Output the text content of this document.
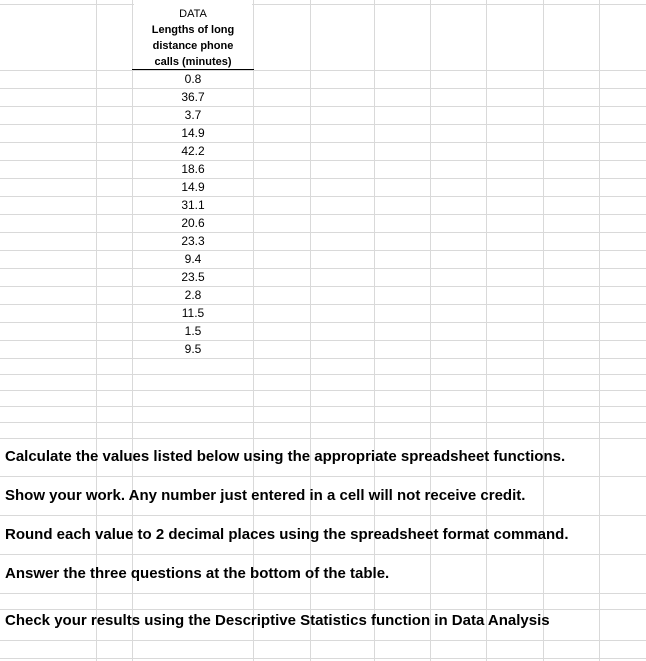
DATA
Lengths of long
distance phone
calls (minutes)
0.8
36.7
3.7
14.9
42.2
18.6
14.9
31.1
20.6
23.3
9.4
23.5
2.8
11.5
1.5
9.5
Calculate the values listed below using the appropriate spreadsheet functions.
Show your work. Any number just entered in a cell will not receive credit.
Round each value to 2 decimal places using the spreadsheet format command.
Answer the three questions at the bottom of the table.
Check your results using the Descriptive Statistics function in Data Analysis
